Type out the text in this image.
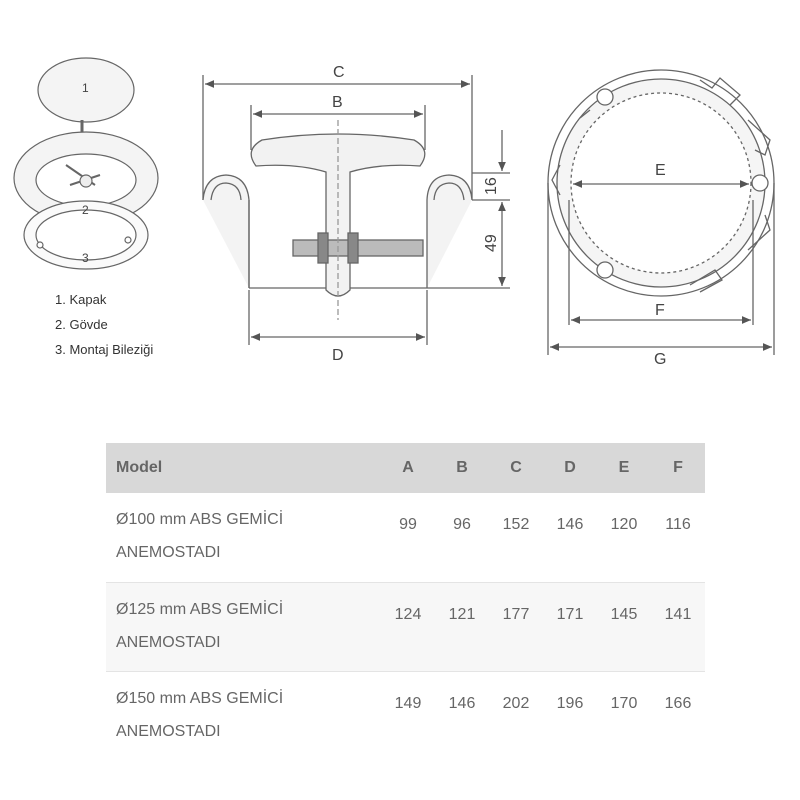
1
2
3
C
B
D
16
49
E
F
G
1. Kapak
2. Gövde
3. Montaj Bileziği
Model	A	B	C	D	E	F
Ø100 mm ABS GEMİCİ
ANEMOSTADI	99	96	152	146	120	116
Ø125 mm ABS GEMİCİ
ANEMOSTADI	124	121	177	171	145	141
Ø150 mm ABS GEMİCİ
ANEMOSTADI	149	146	202	196	170	166
